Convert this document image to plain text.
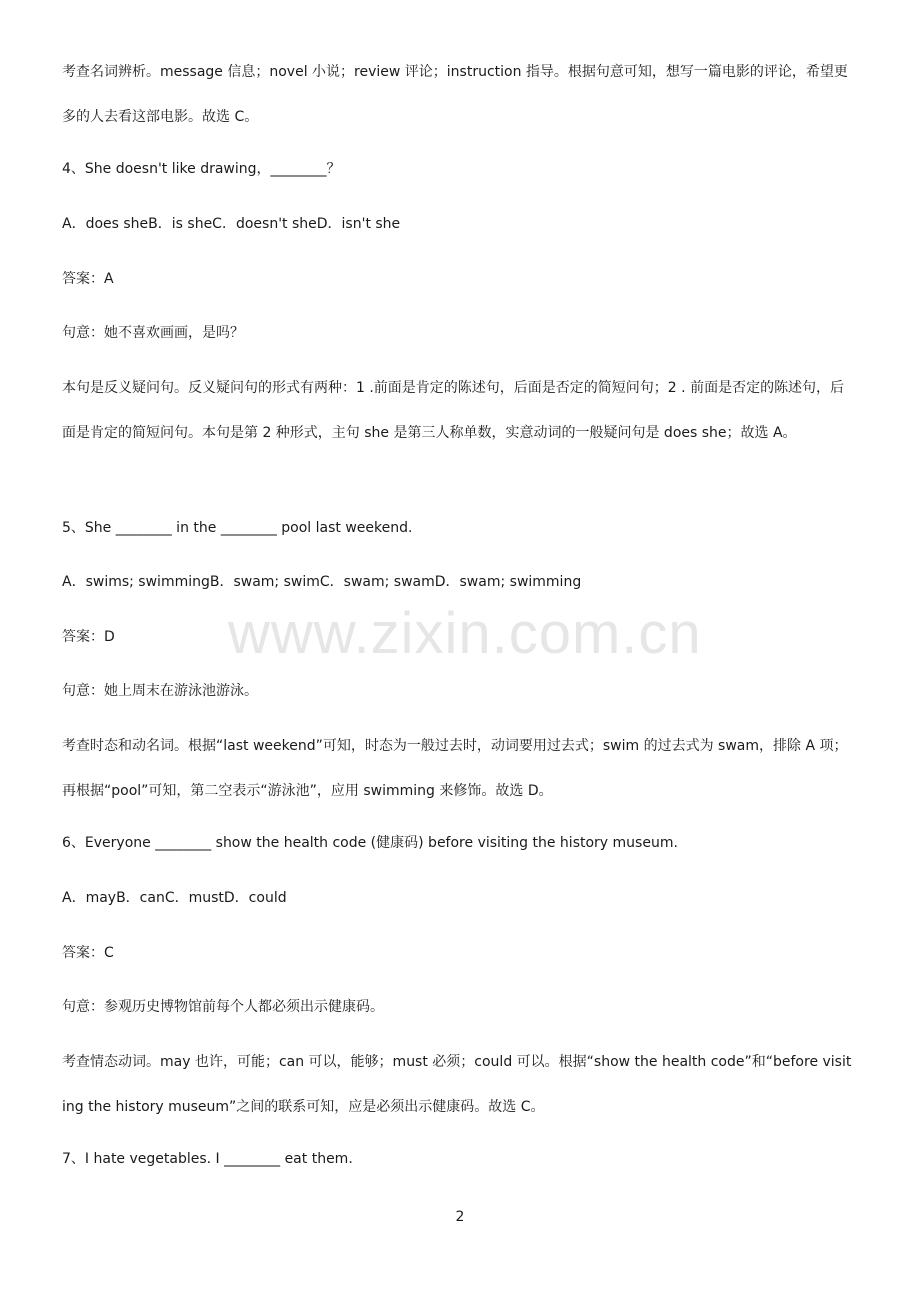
考查名词辨析。message 信息；novel 小说；review 评论；instruction 指导。根据句意可知，想写一篇电影的评论，希望更多的人去看这部电影。故选 C。
4、She doesn't like drawing，________？
A．does sheB．is sheC．doesn't sheD．isn't she
答案：A
句意：她不喜欢画画，是吗？
本句是反义疑问句。反义疑问句的形式有两种：1 .前面是肯定的陈述句，后面是否定的简短问句；2 . 前面是否定的陈述句，后面是肯定的简短问句。本句是第 2 种形式，主句 she 是第三人称单数，实意动词的一般疑问句是 does she；故选 A。
5、She ________ in the ________ pool last weekend.
A．swims; swimmingB．swam; swimC．swam; swamD．swam; swimming
答案：D
句意：她上周末在游泳池游泳。
考查时态和动名词。根据“last weekend”可知，时态为一般过去时，动词要用过去式；swim 的过去式为 swam，排除 A 项；再根据“pool”可知，第二空表示“游泳池”，应用 swimming 来修饰。故选 D。
6、Everyone ________ show the health code (健康码) before visiting the history museum.
A．mayB．canC．mustD．could
答案：C
句意：参观历史博物馆前每个人都必须出示健康码。
考查情态动词。may 也许，可能；can 可以，能够；must 必须；could 可以。根据“show the health code”和“before visiting the history museum”之间的联系可知，应是必须出示健康码。故选 C。
7、I hate vegetables. I ________ eat them.
www.zixin.com.cn
2
